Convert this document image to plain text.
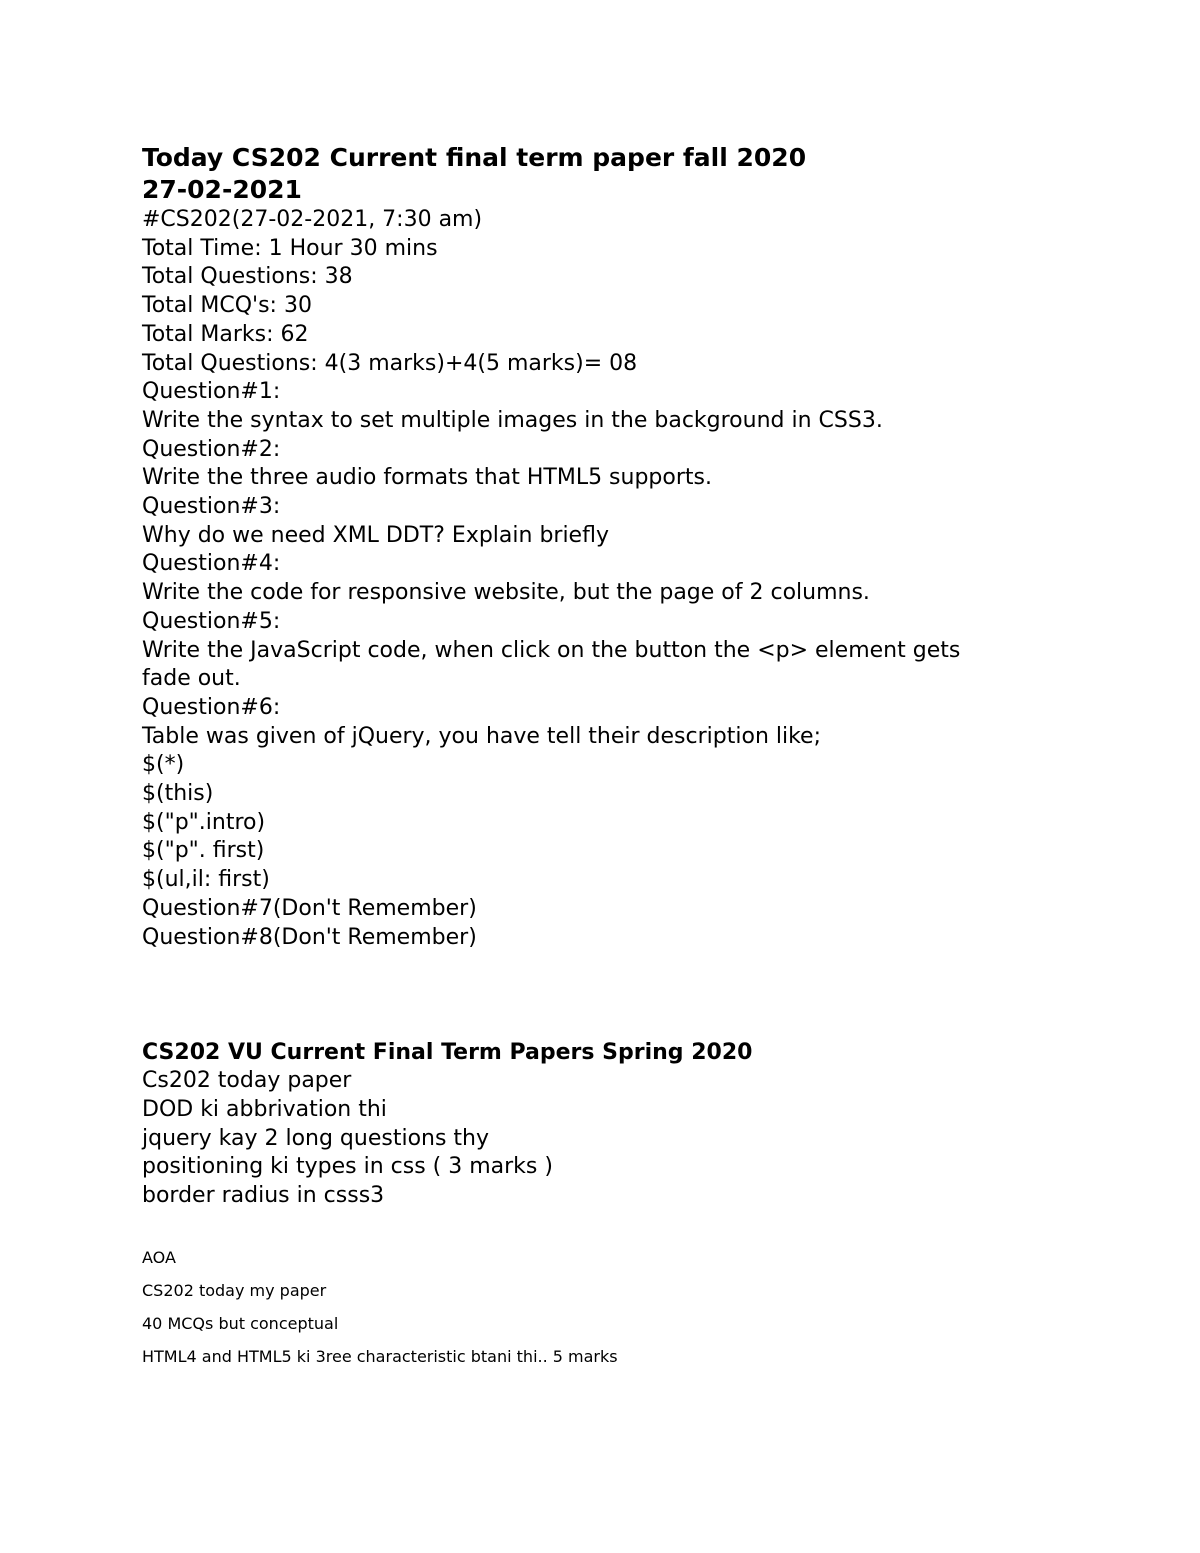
Today CS202 Current final term paper fall 2020

27-02-2021

#CS202(27-02-2021, 7:30 am)

Total Time: 1 Hour 30 mins

Total Questions: 38

Total MCQ's: 30

Total Marks: 62

Total Questions: 4(3 marks)+4(5 marks)= 08

Question#1:

Write the syntax to set multiple images in the background in CSS3.

Question#2:

Write the three audio formats that HTML5 supports.

Question#3:

Why do we need XML DDT? Explain briefly

Question#4:

Write the code for responsive website, but the page of 2 columns.

Question#5:

Write the JavaScript code, when click on the button the <p> element gets

fade out.

Question#6:

Table was given of jQuery, you have tell their description like;

$(*)

$(this)

$("p".intro)

$("p". first)

$(ul,il: first)

Question#7(Don't Remember)

Question#8(Don't Remember)

CS202 VU Current Final Term Papers Spring 2020

Cs202 today paper

DOD ki abbrivation thi

jquery kay 2 long questions thy

positioning ki types in css ( 3 marks )

border radius in csss3

AOA

CS202 today my paper

40 MCQs but conceptual

HTML4 and HTML5 ki 3ree characteristic btani thi.. 5 marks
